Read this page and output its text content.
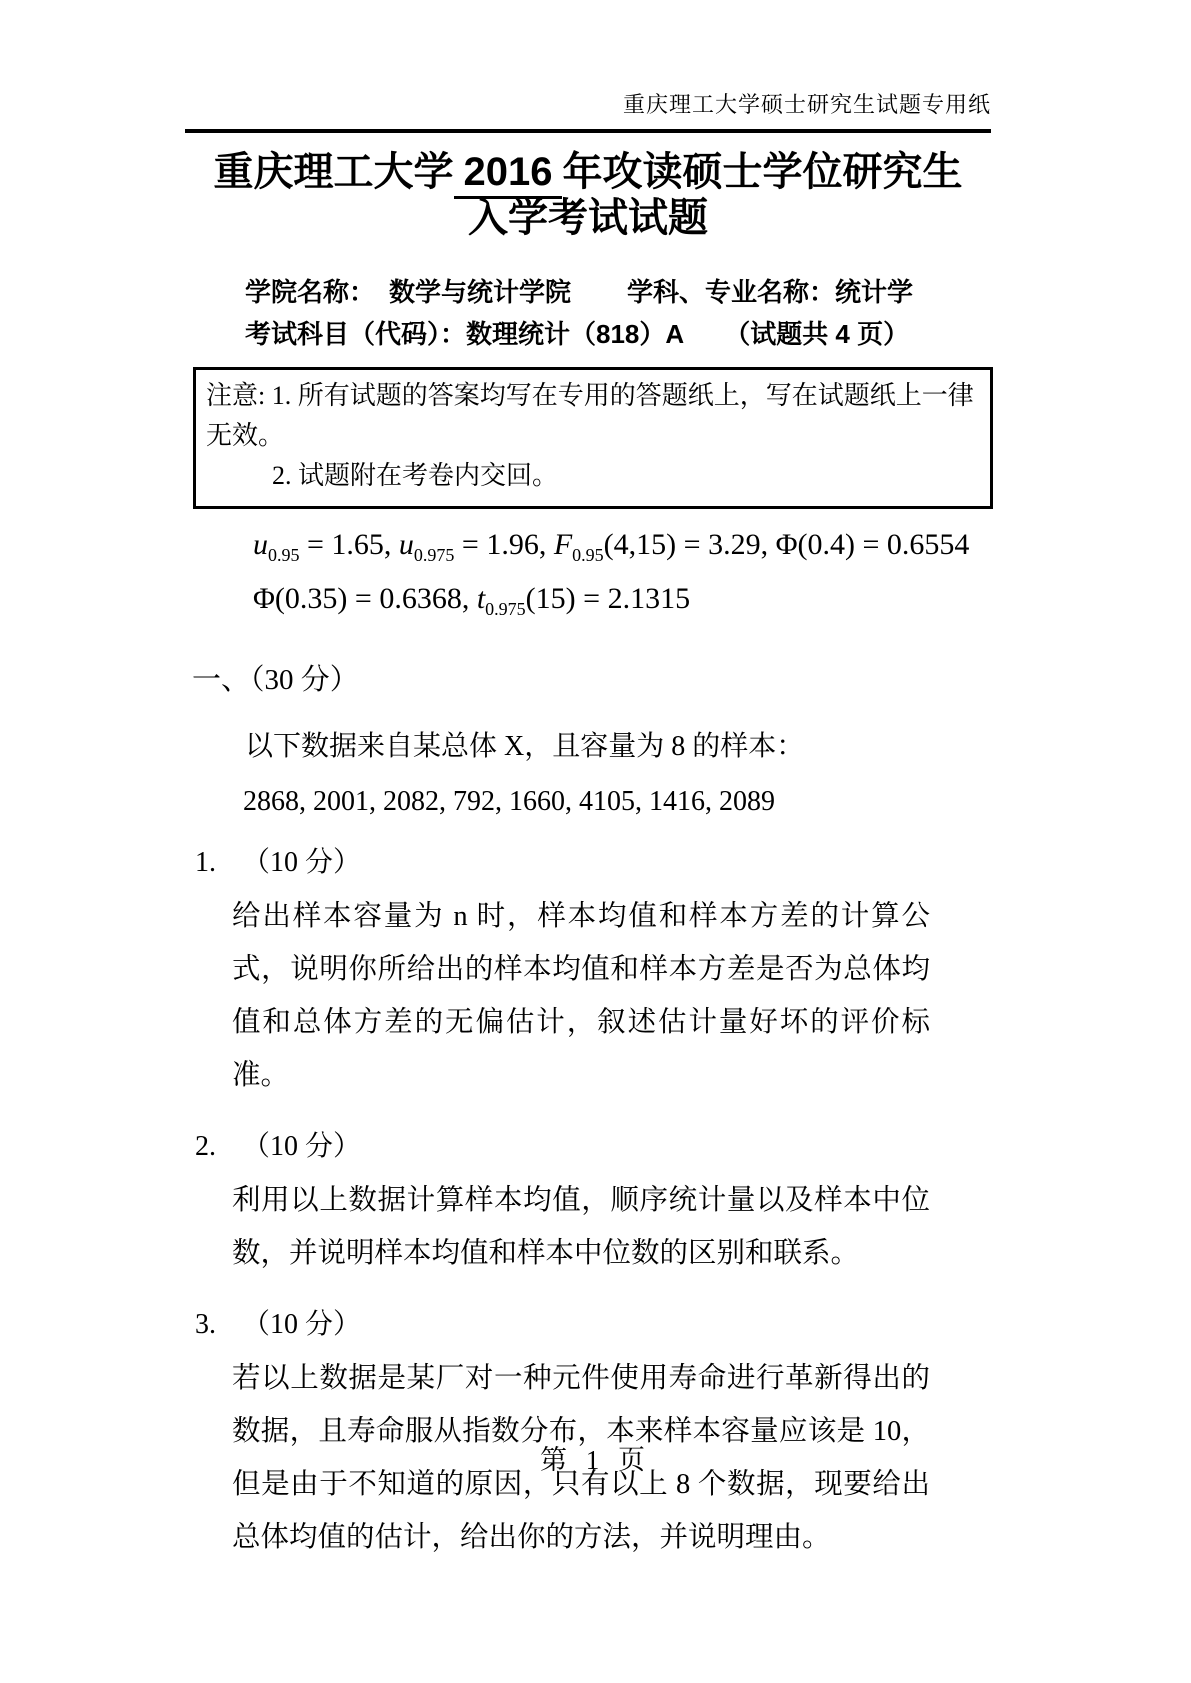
重庆理工大学硕士研究生试题专用纸
重庆理工大学 2016 年攻读硕士学位研究生
入学考试试题
学院名称： 数学与统计学院 学科、专业名称：统计学
考试科目（代码）：数理统计（818）A （试题共 4 页）
注意: 1. 所有试题的答案均写在专用的答题纸上，写在试题纸上一律无效。
2. 试题附在考卷内交回。
$u_{0.95} = 1.65$, $u_{0.975} = 1.96$, $F_{0.95}(4,15) = 3.29$, Φ(0.4) = 0.6554
Φ(0.35) = 0.6368, $t_{0.975}(15) = 2.1315$
一、（30 分）
以下数据来自某总体 X，且容量为 8 的样本：
2868, 2001, 2082, 792, 1660, 4105, 1416, 2089
1. （10 分）
给出样本容量为 n 时，样本均值和样本方差的计算公式，说明你所给出的样本均值和样本方差是否为总体均值和总体方差的无偏估计，叙述估计量好坏的评价标准。
2. （10 分）
利用以上数据计算样本均值，顺序统计量以及样本中位数，并说明样本均值和样本中位数的区别和联系。
3. （10 分）
若以上数据是某厂对一种元件使用寿命进行革新得出的数据，且寿命服从指数分布，本来样本容量应该是 10，但是由于不知道的原因，只有以上 8 个数据，现要给出总体均值的估计，给出你的方法，并说明理由。
第 1 页
